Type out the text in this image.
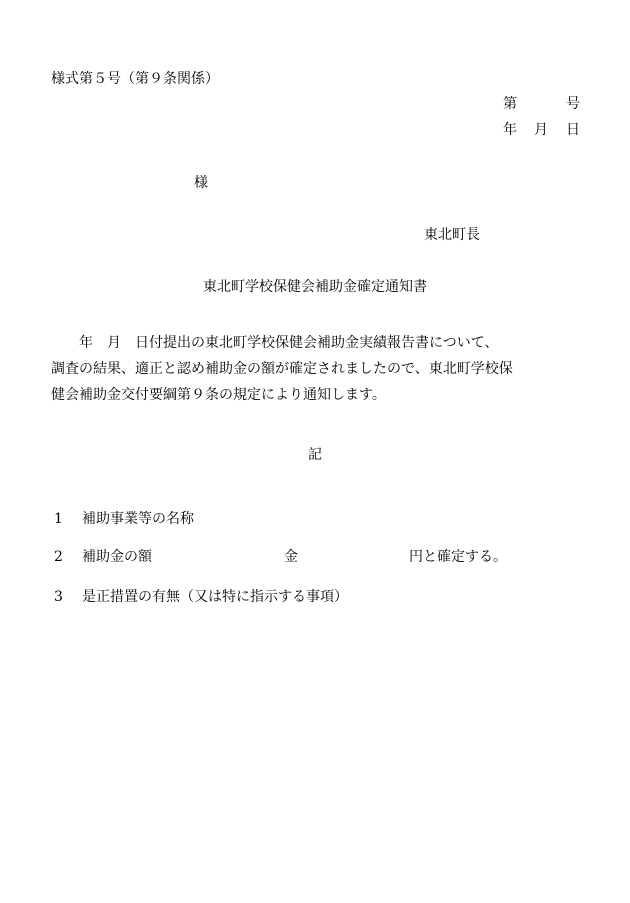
様式第５号（第９条関係）
第	号
年 月 日
様
東北町長
東北町学校保健会補助金確定通知書
　　年　月　日付提出の東北町学校保健会補助金実績報告書について、
調査の結果、適正と認め補助金の額が確定されましたので、東北町学校保
健会補助金交付要綱第９条の規定により通知します。
記
1 補助事業等の名称
2 補助金の額	金	円と確定する。
3 是正措置の有無（又は特に指示する事項）
